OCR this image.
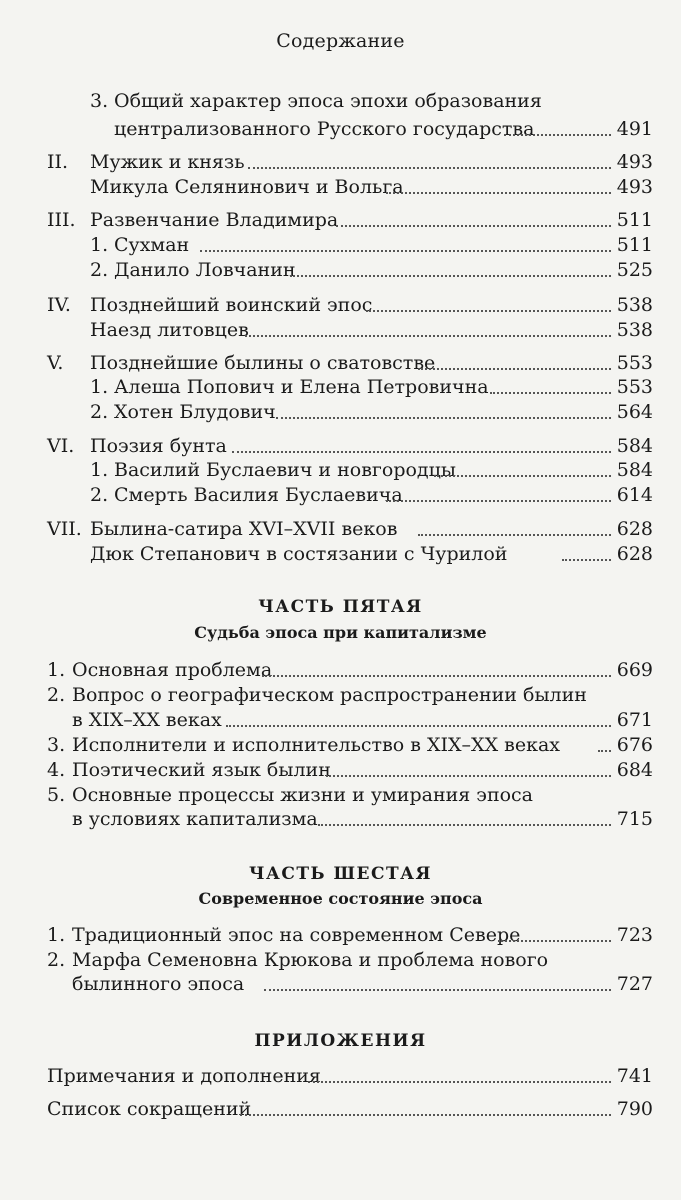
Содержание
3. Общий характер эпоса эпохи образования
централизованного Русского государства	491
II. Мужик и князь	493
Микула Селянинович и Вольга	493
III. Развенчание Владимира	511
1. Сухман	511
2. Данило Ловчанин	525
IV. Позднейший воинский эпос	538
Наезд литовцев	538
V. Позднейшие былины о сватовстве	553
1. Алеша Попович и Елена Петровична	553
2. Хотен Блудович	564
VI. Поэзия бунта	584
1. Василий Буслаевич и новгородцы	584
2. Смерть Василия Буслаевича	614
VII. Былина-сатира XVI–XVII веков	628
Дюк Степанович в состязании с Чурилой	628
ЧАСТЬ ПЯТАЯ
Судьба эпоса при капитализме
1. Основная проблема	669
2. Вопрос о географическом распространении былин
в XIX–XX веках	671
3. Исполнители и исполнительство в XIX–XX веках	676
4. Поэтический язык былин	684
5. Основные процессы жизни и умирания эпоса
в условиях капитализма	715
ЧАСТЬ ШЕСТАЯ
Современное состояние эпоса
1. Традиционный эпос на современном Севере	723
2. Марфа Семеновна Крюкова и проблема нового
былинного эпоса	727
ПРИЛОЖЕНИЯ
Примечания и дополнения	741
Список сокращений	790
